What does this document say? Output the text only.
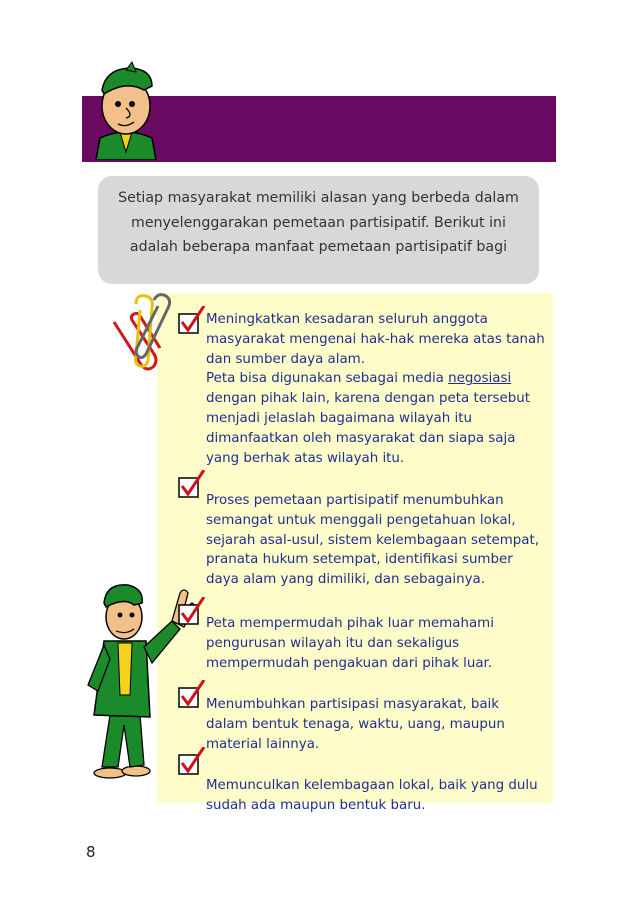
Setiap masyarakat memiliki alasan yang berbeda dalam
menyelenggarakan pemetaan partisipatif. Berikut ini
adalah beberapa manfaat pemetaan partisipatif bagi
Meningkatkan kesadaran seluruh anggota
masyarakat mengenai hak-hak mereka atas tanah
dan sumber daya alam.
Peta bisa digunakan sebagai media negosiasi
dengan pihak lain, karena dengan peta tersebut
menjadi jelaslah bagaimana wilayah itu
dimanfaatkan oleh masyarakat dan siapa saja
yang berhak atas wilayah itu.
Proses pemetaan partisipatif menumbuhkan
semangat untuk menggali pengetahuan lokal,
sejarah asal-usul, sistem kelembagaan setempat,
pranata hukum setempat, identifikasi sumber
daya alam yang dimiliki, dan sebagainya.
Peta mempermudah pihak luar memahami
pengurusan wilayah itu dan sekaligus
mempermudah pengakuan dari pihak luar.
Menumbuhkan partisipasi masyarakat, baik
dalam bentuk tenaga, waktu, uang, maupun
material lainnya.
Memunculkan kelembagaan lokal, baik yang dulu
sudah ada maupun bentuk baru.
8
